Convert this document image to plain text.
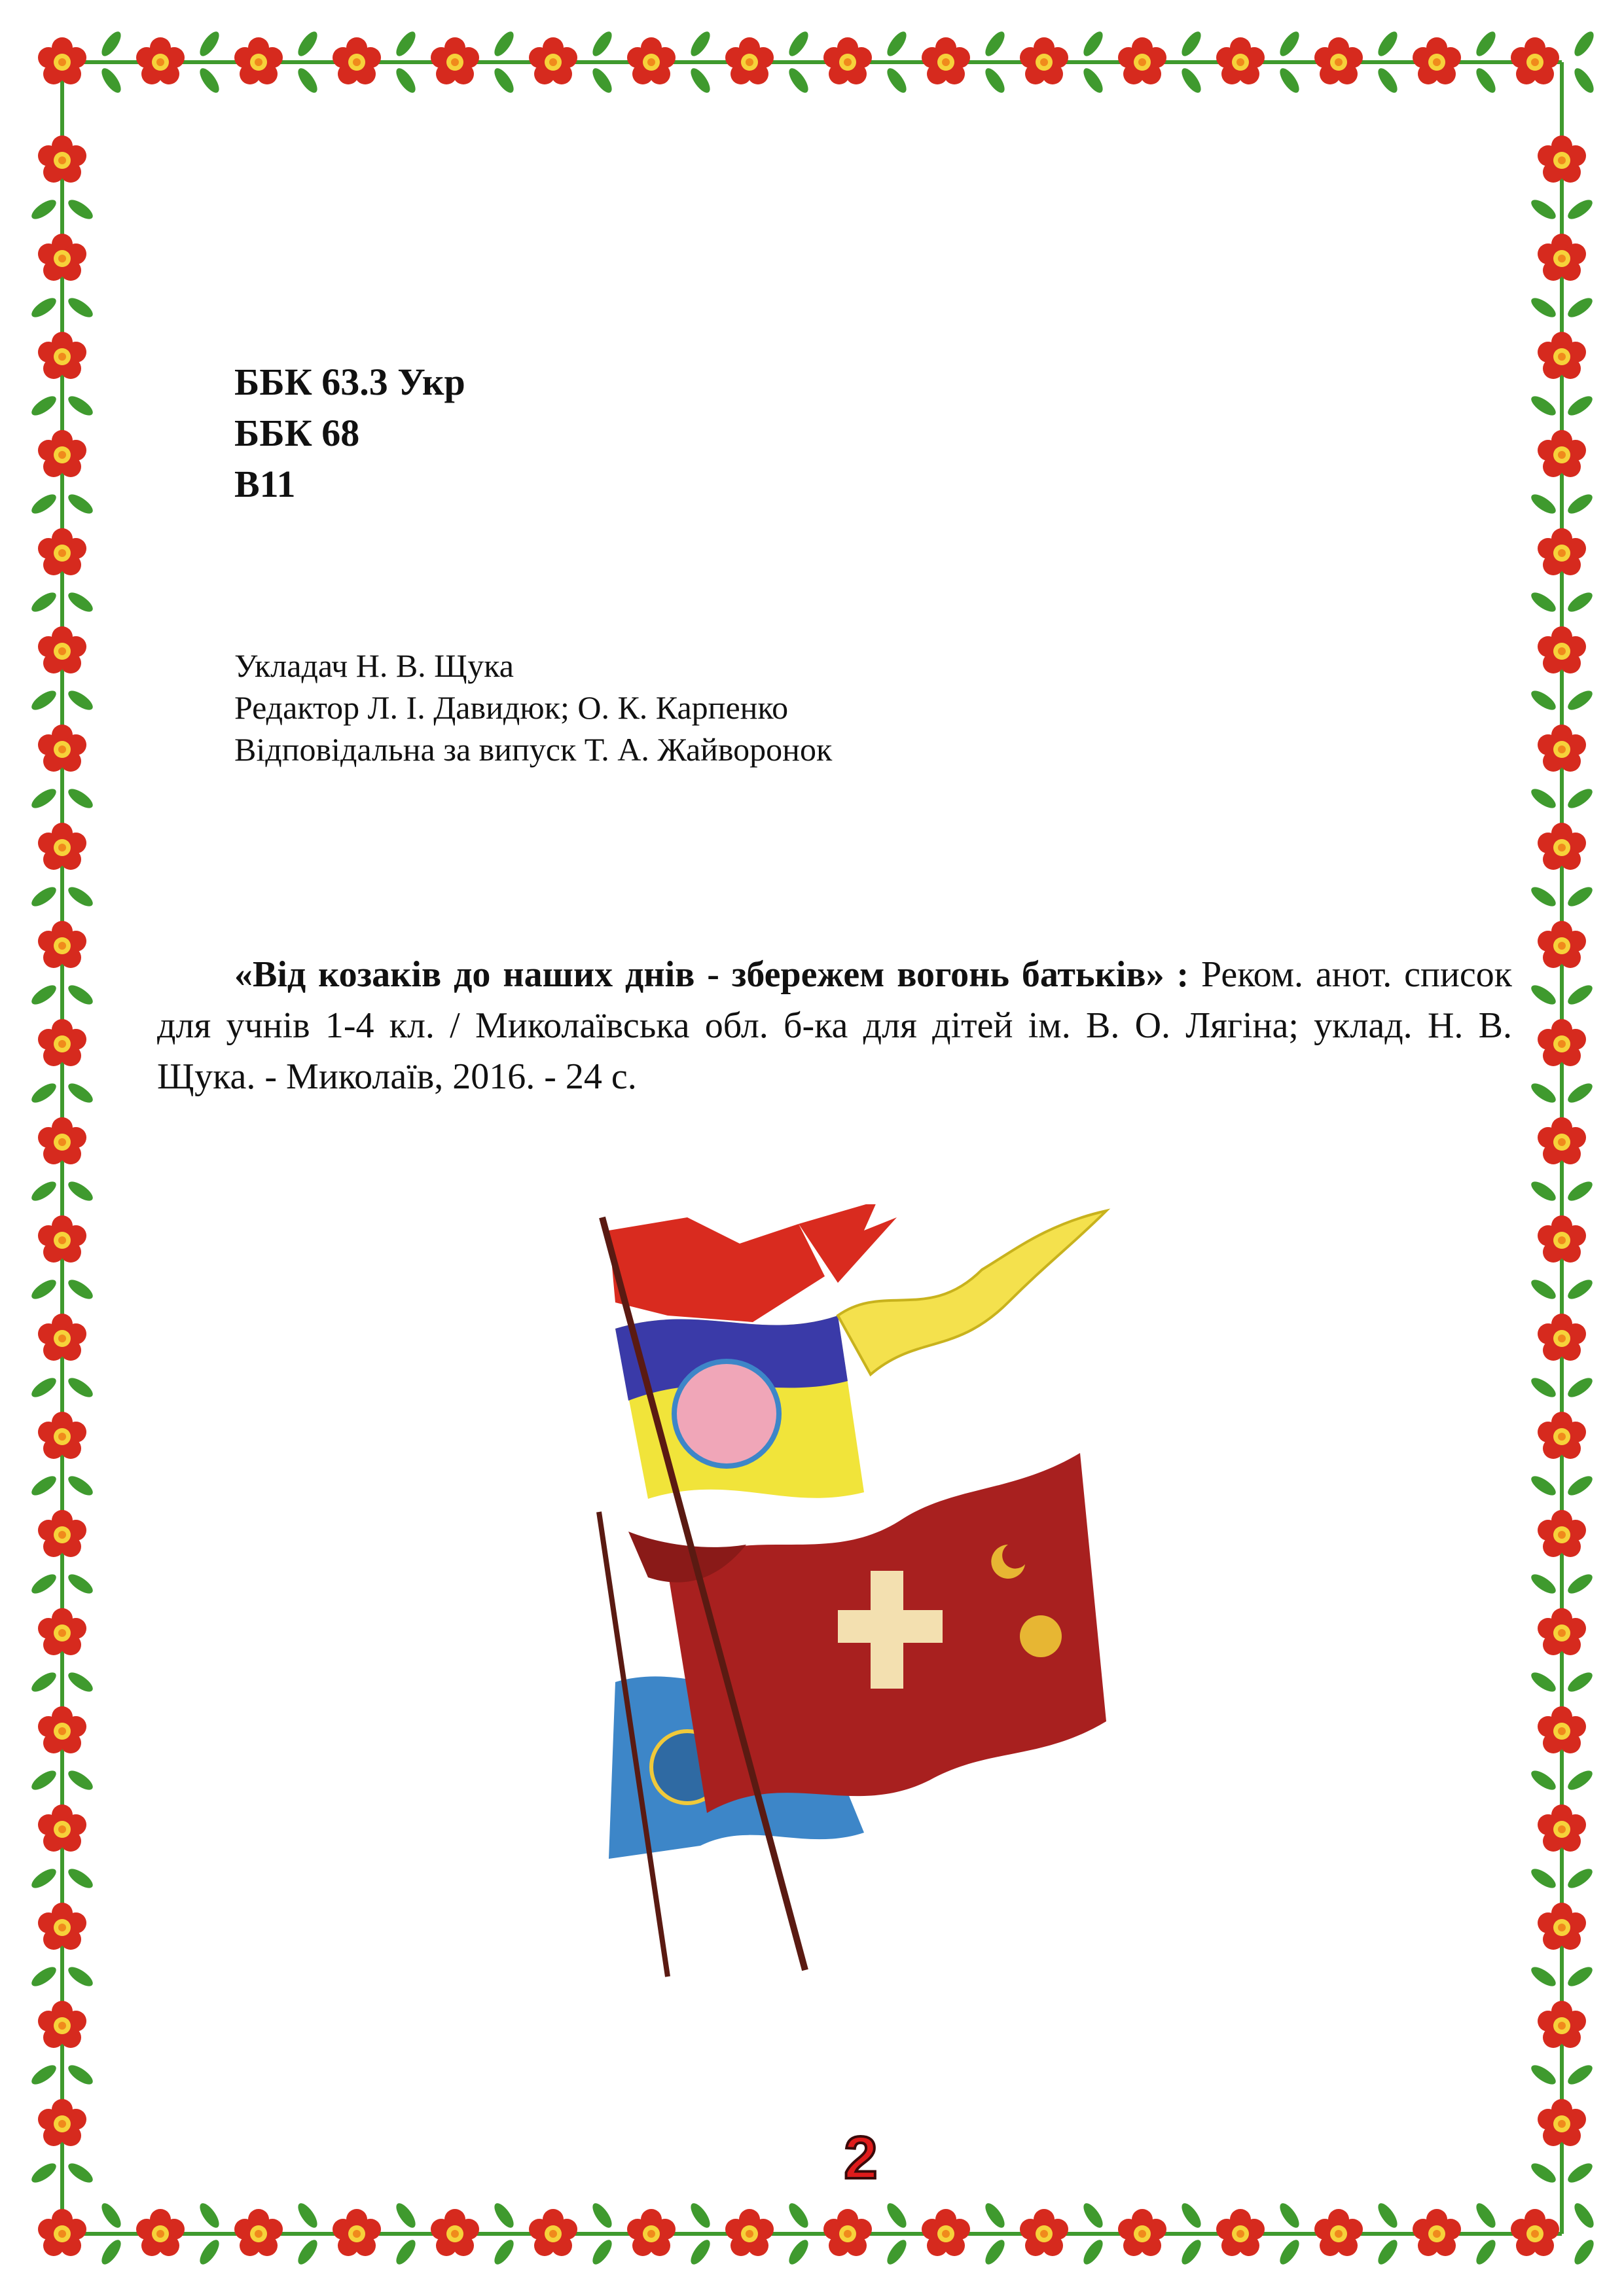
ББК 63.3 Укр
ББК 68
В11
Укладач Н. В. Щука
Редактор Л. І. Давидюк; О. К. Карпенко
Відповідальна за випуск Т. А. Жайворонок
«Від козаків до наших днів - збережем вогонь батьків» : Реком. анот. список для учнів 1-4 кл. / Миколаївська обл. б-ка для дітей ім. В. О. Лягіна; уклад. Н. В. Щука. - Миколаїв, 2016. - 24 с.
2
